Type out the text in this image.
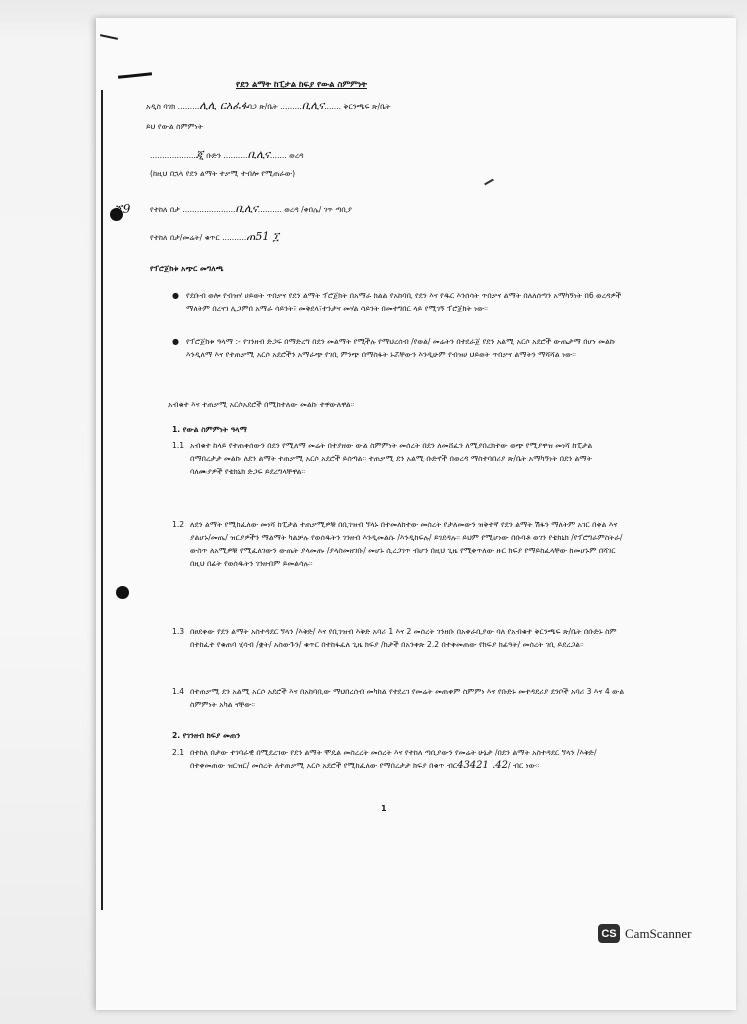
የደን ልማት ከፒታል ከፍያ የውል ስምምነት
አዲስ ባገክ .........ሊሊ ርአፈፋባጋ ጽ/ቤት .........ቢሊና....... ቅርንጫፍ ጽ/ቤት
ይህ የውል ስምምነት
...................ጂ ቡድን ..........ቢሊና....... ወረዳ
(ከዚህ በኋላ የደን ልማት ተቃሚ ተብሎ የሚጠራው)
ጂ9	የተከለ በታ ......................ቢሊና.......... ወረዳ /ቀበሌ/ ገጥ ጣቢያ
የተከለ በታ/መሬት/ ቁጥር ..........ጠ51 ፲
የፕሮጀክቱ አጭር መግለጫ
● የደቡብ ወሎ የብዝሃ ሀይወት ጥበቃና የደን ልማት ፕሮጀክት በአማራ ክልል የአከባቢ የደን እና የዱር እንሰሳት ጥበቃና ልማት በለለሰጣን አማካኝነት በ6 ወረዳዎች ማለትም በረናገ ሊጋምበ አማራ ሳይንት፣ መቅደላ፣ተንታና መሃል ሳይንት በመተግበር ላይ የሚገኝ ፕሮጀክት ነው።
● የፕሮጀክቱ ዓላማ :- የገንዘብ ድጋፍ በማድረግ በደን መልማት የሚችሉ የማህረሰብ /የወል/ መሬትን በተደራጀ የደን አልሚ አርሶ አደሮች ውጤታማ በሆነ መልኩ እንዲለማ እና የተጠቃሚ አርሶ አደሮችን አማራጭ የገቢ ምንጭ በማስፋት ኑሯቸውን እንዲሁም የብዝሀ ህይወት ጥበቃና ልማትን ማሻሻል ነው።
አብቁተ እና ተጠቃሚ አርሶአደሮች በሚከተለው መልኩ ተዋውለዋል።
1. የውል ስምምነት ዓላማ
1.1 አብቁተ ከላይ የተጠቀሰውን በደን የሚለማ መሬት በተያዘው ውል ስምምነት መሰረት በደን ለመሸፈን ለሚያበረክተው ወጭ የሚያዋዝ መነሻ ከፒታል በማበረታታ መልኩ ለደን ልማት ተጠቃሚ አርሶ አደሮች ይሰጣል። ተጠቃሚ ደን አልሚ ቡድኖች በወረዳ ማስተባበሪያ ጽ/ቤት አማካኝነት በደን ልማት ባለሙያዎች የቴክኒክ ድጋፍ ይደረግላቸዋል።
1.2 ለደን ልማት የሚከፈለው መነሻ ከፒታል ተጠቃሚዎቹ በቢገዝብ ኘላኑ በተመለከተው መሰረት የታለመውን ዝቅተኛ የደን ልማት ሽፋን ማለትም አገር በቀል እና ያልሆኑ/መጤ/ ዝርያዎችን ማልማት ካልቻሉ የወሰዱትን ገንዘብ እንዲመልሱ /እንዲከፍሉ/ ይገደዳሉ። ይህም የሚሆነው በቡባቶ ወገን የቴክኒክ /የፕሮግራምስትራ/ ውስጥ ለአሚዎቹ የሚፈለገውን ውጤት ያላመጡ /ያላስመዘገቡ/ መሆኑ ሲረጋገጥ ብሆን በዚህ ጊዜ የሚቀጥለው ዙር ክፍያ የማይከፈላቸው ከመሆኑም በሻገር በዚህ በፊት የወሰዱትን ገንዘብም ይመልሳሉ።
1.3 በፀደቀው የደን ልማት አስተዳደር ኘላን /እቅድ/ እና የቢገዝብ እቅድ አባሪ 1 እና 2 መሰረት ገንዘቡ በአቀራቢያው ባለ የአብቁተ ቅርንጫፍ ጽ/ቤት በቡድኑ ስም በተከፈተ የቁጠባ ሂሳብ /ቋት/ አስውጉን/ ቁጥር በተከፋፈለ ጊዜ ክፍያ /ክታች በአንቀጽ 2.2 በተቀመጠው የክፍያ ክፊዓት/ መሰረት ገቢ ይደረጋል።
1.4 በተጠቃሚ ደን አልሚ አርሶ አደሮች እና በአከባቢው ማህበረሰብ መካከል የተደረገ የመሬት መጠቀም ስምምነ እና የቡድኑ መተዳደሪያ ደንቦች አባሪ 3 እና 4 ውል ስምምነት አካል ናቸው።
2. የገንዘብ ክፍያ መጠን
2.1 በተከለ በታው ተገባራዊ በሚደረገው የደን ልማት ሞዴል መስረረት መሰረት እና የተከለ ጣቢያውን የመሬት ሁኔታ /በደን ልማት አስተዳደር ኘላን /እቅድ/ በተቀመጠው ዝርዝር/ መሰረት ለተጠቃሚ አርሶ አደሮች የሚከፈለው የማበረታታ ክፍያ በቁጥ ብር43421 .42/ ብር ነው።
1
CS CamScanner
